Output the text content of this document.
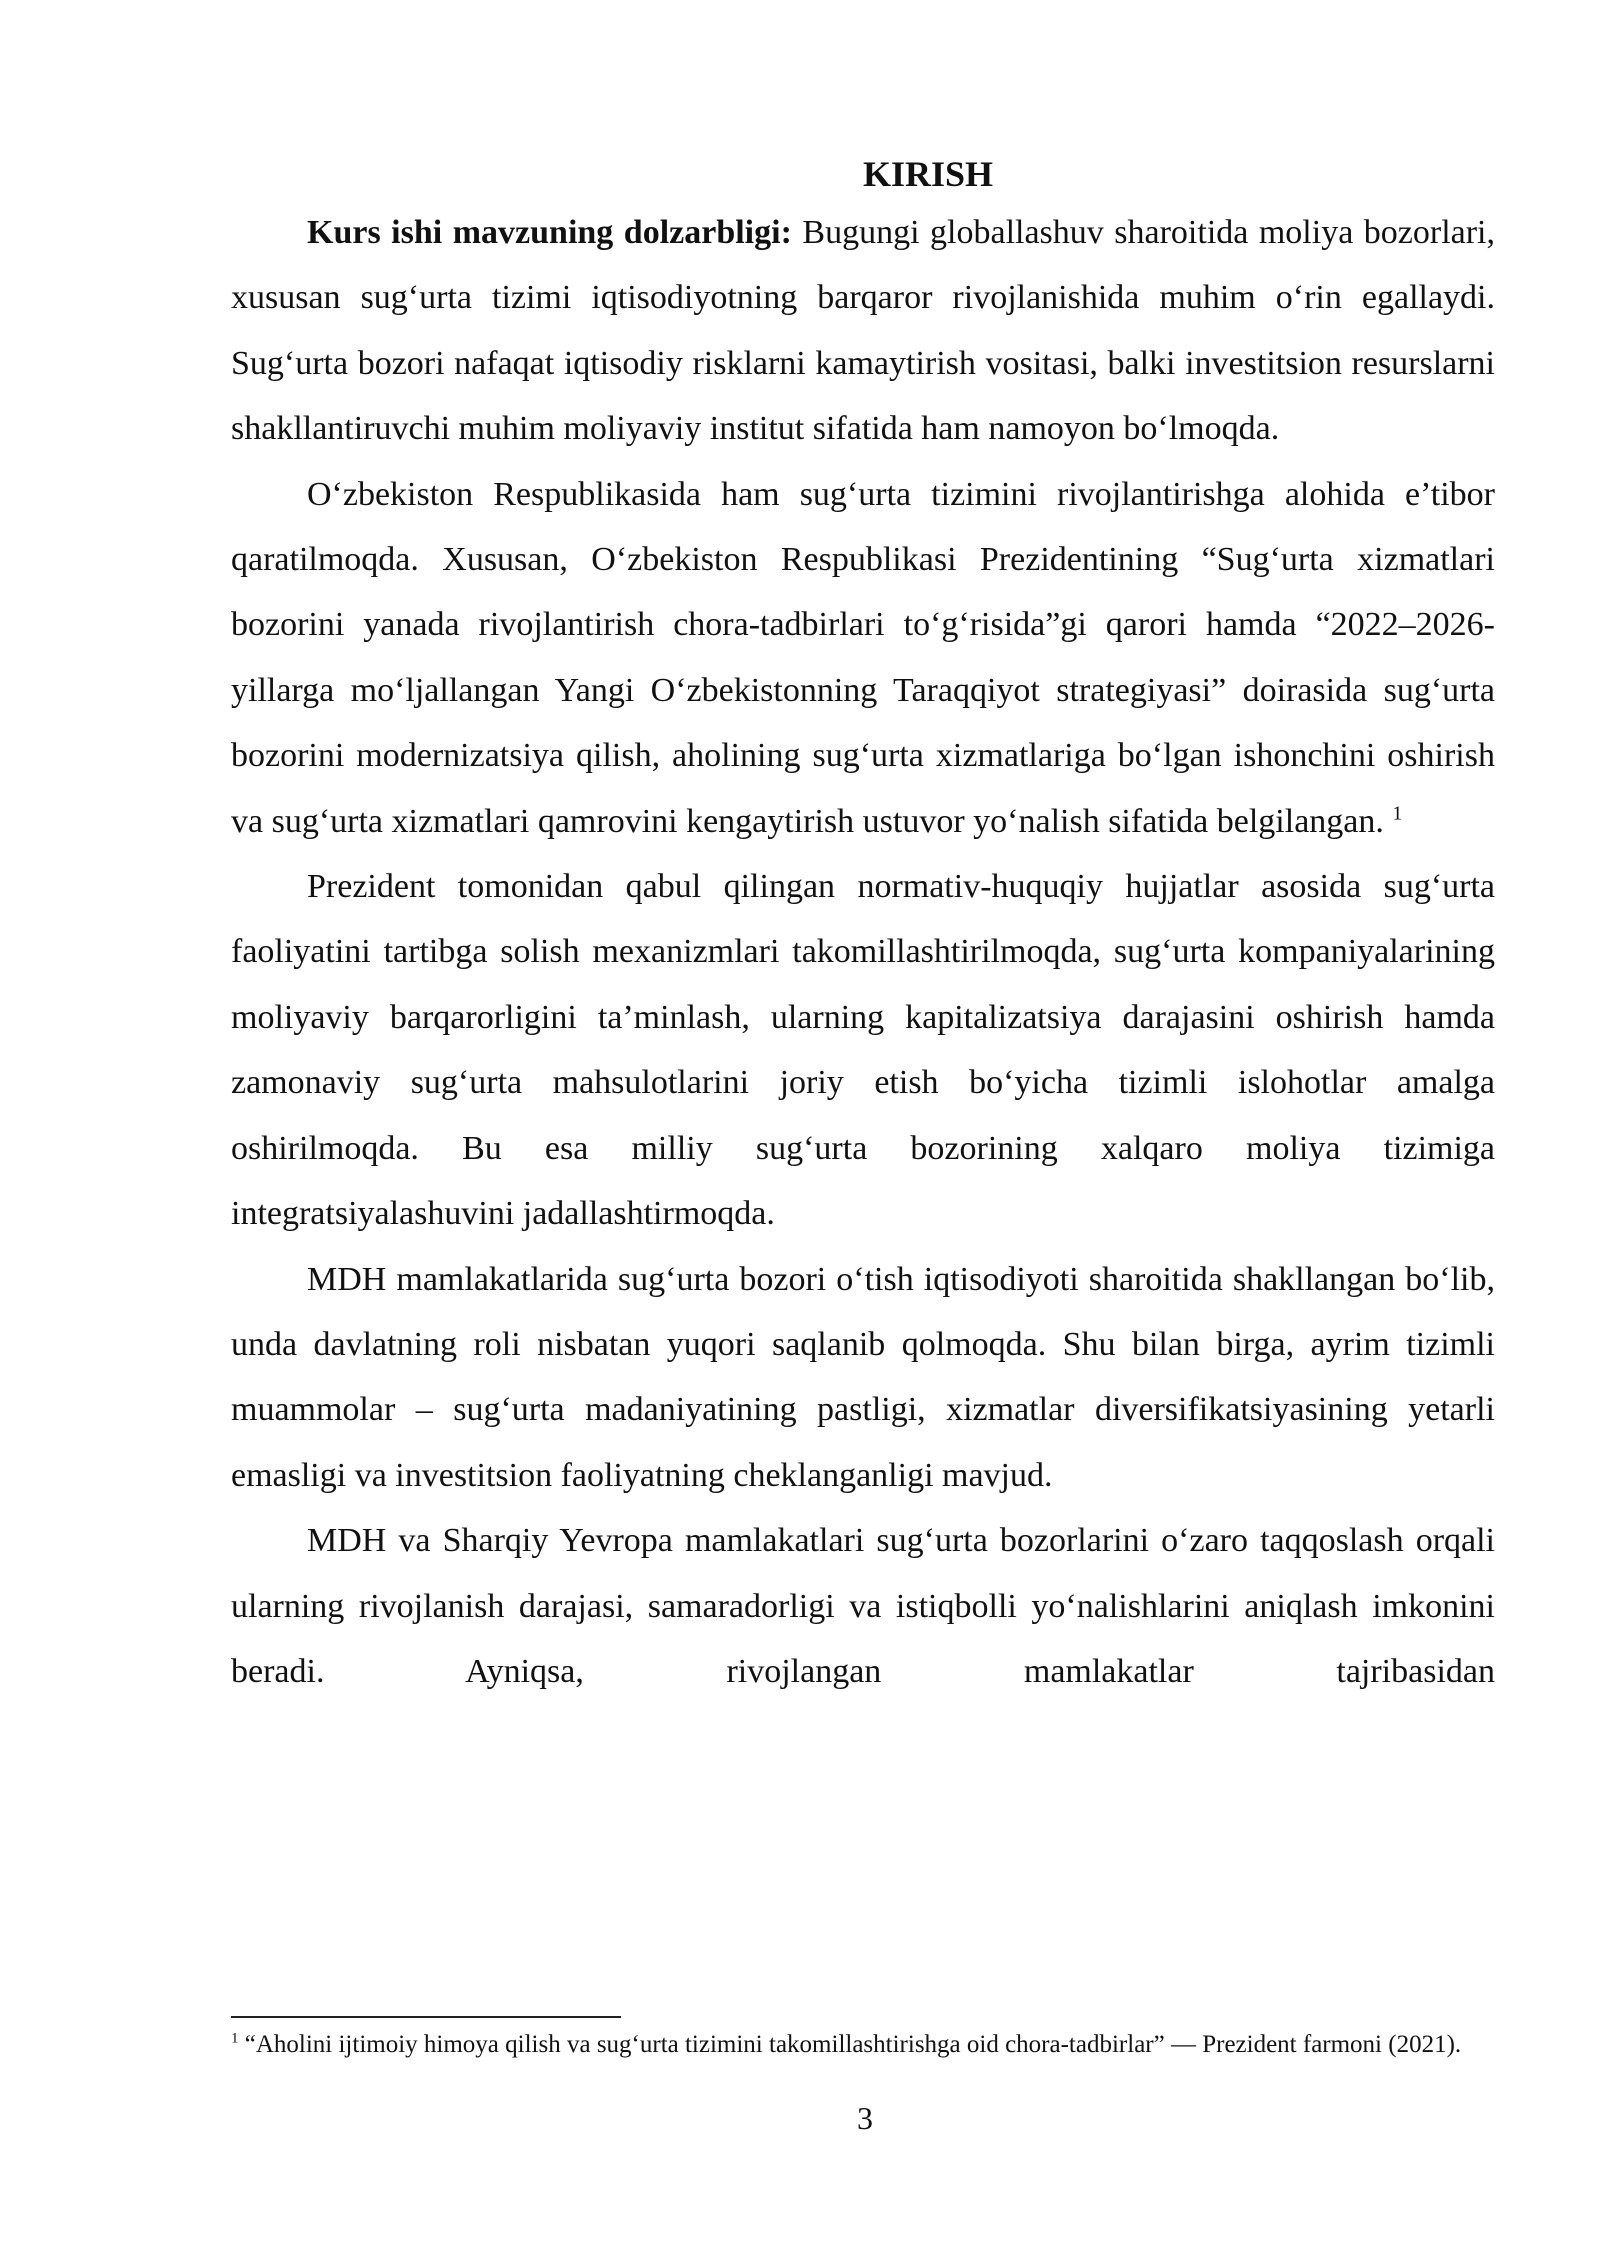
KIRISH

Kurs ishi mavzuning dolzarbligi: Bugungi globallashuv sharoitida moliya bozorlari, xususan sug‘urta tizimi iqtisodiyotning barqaror rivojlanishida muhim o‘rin egallaydi. Sug‘urta bozori nafaqat iqtisodiy risklarni kamaytirish vositasi, balki investitsion resurslarni shakllantiruvchi muhim moliyaviy institut sifatida ham namoyon bo‘lmoqda.

O‘zbekiston Respublikasida ham sug‘urta tizimini rivojlantirishga alohida e’tibor qaratilmoqda. Xususan, O‘zbekiston Respublikasi Prezidentining “Sug‘urta xizmatlari bozorini yanada rivojlantirish chora-tadbirlari to‘g‘risida”gi qarori hamda “2022–2026-yillarga mo‘ljallangan Yangi O‘zbekistonning Taraqqiyot strategiyasi” doirasida sug‘urta bozorini modernizatsiya qilish, aholining sug‘urta xizmatlariga bo‘lgan ishonchini oshirish va sug‘urta xizmatlari qamrovini kengaytirish ustuvor yo‘nalish sifatida belgilangan. $^1$

Prezident tomonidan qabul qilingan normativ-huquqiy hujjatlar asosida sug‘urta faoliyatini tartibga solish mexanizmlari takomillashtirilmoqda, sug‘urta kompaniyalarining moliyaviy barqarorligini ta’minlash, ularning kapitalizatsiya darajasini oshirish hamda zamonaviy sug‘urta mahsulotlarini joriy etish bo‘yicha tizimli islohotlar amalga oshirilmoqda. Bu esa milliy sug‘urta bozorining xalqaro moliya tizimiga integratsiyalashuvini jadallashtirmoqda.

MDH mamlakatlarida sug‘urta bozori o‘tish iqtisodiyoti sharoitida shakllangan bo‘lib, unda davlatning roli nisbatan yuqori saqlanib qolmoqda. Shu bilan birga, ayrim tizimli muammolar – sug‘urta madaniyatining pastligi, xizmatlar diversifikatsiyasining yetarli emasligi va investitsion faoliyatning cheklanganligi mavjud.

MDH va Sharqiy Yevropa mamlakatlari sug‘urta bozorlarini o‘zaro taqqoslash orqali ularning rivojlanish darajasi, samaradorligi va istiqbolli yo‘nalishlarini aniqlash imkonini beradi. Ayniqsa, rivojlangan mamlakatlar tajribasidan

$^1$ “Aholini ijtimoiy himoya qilish va sug‘urta tizimini takomillashtirishga oid chora-tadbirlar” — Prezident farmoni (2021).

3
